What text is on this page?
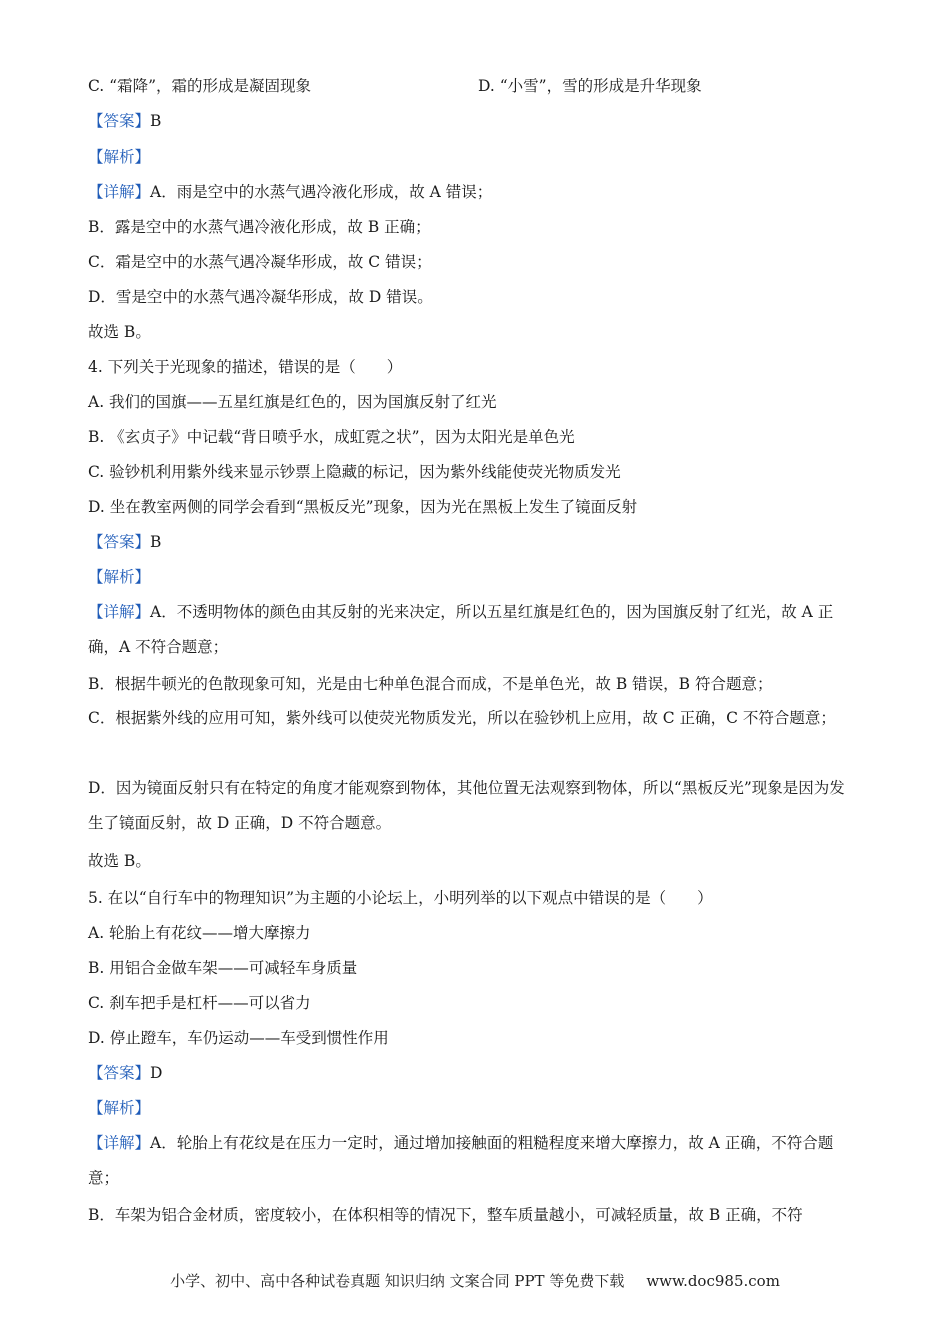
C. “霜降”，霜的形成是凝固现象	D. “小雪”，雪的形成是升华现象
【答案】B
【解析】
【详解】A．雨是空中的水蒸气遇冷液化形成，故 A 错误；
B．露是空中的水蒸气遇冷液化形成，故 B 正确；
C．霜是空中的水蒸气遇冷凝华形成，故 C 错误；
D．雪是空中的水蒸气遇冷凝华形成，故 D 错误。
故选 B。
4. 下列关于光现象的描述，错误的是（　　）
A. 我们的国旗——五星红旗是红色的，因为国旗反射了红光
B. 《玄贞子》中记载“背日喷乎水，成虹霓之状”，因为太阳光是单色光
C. 验钞机利用紫外线来显示钞票上隐藏的标记，因为紫外线能使荧光物质发光
D. 坐在教室两侧的同学会看到“黑板反光”现象，因为光在黑板上发生了镜面反射
【答案】B
【解析】
【详解】A．不透明物体的颜色由其反射的光来决定，所以五星红旗是红色的，因为国旗反射了红光，故 A 正确，A 不符合题意；
B．根据牛顿光的色散现象可知，光是由七种单色混合而成，不是单色光，故 B 错误，B 符合题意；
C．根据紫外线的应用可知，紫外线可以使荧光物质发光，所以在验钞机上应用，故 C 正确，C 不符合题意；
D．因为镜面反射只有在特定的角度才能观察到物体，其他位置无法观察到物体，所以“黑板反光”现象是因为发生了镜面反射，故 D 正确，D 不符合题意。
故选 B。
5. 在以“自行车中的物理知识”为主题的小论坛上，小明列举的以下观点中错误的是（　　）
A. 轮胎上有花纹——增大摩擦力
B. 用铝合金做车架——可减轻车身质量
C. 刹车把手是杠杆——可以省力
D. 停止蹬车，车仍运动——车受到惯性作用
【答案】D
【解析】
【详解】A．轮胎上有花纹是在压力一定时，通过增加接触面的粗糙程度来增大摩擦力，故 A 正确，不符合题意；
B．车架为铝合金材质，密度较小，在体积相等的情况下，整车质量越小，可减轻质量，故 B 正确，不符
小学、初中、高中各种试卷真题 知识归纳 文案合同 PPT 等免费下载 www.doc985.com
